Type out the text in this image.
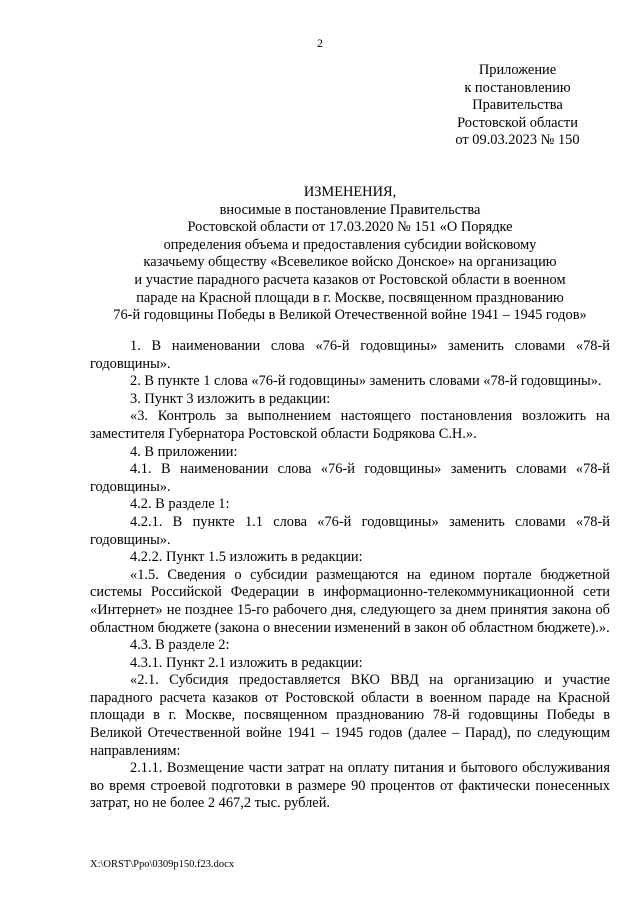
2
Приложение
к постановлению
Правительства
Ростовской области
от 09.03.2023 № 150
ИЗМЕНЕНИЯ,
вносимые в постановление Правительства
Ростовской области от 17.03.2020 № 151 «О Порядке
определения объема и предоставления субсидии войсковому
казачьему обществу «Всевеликое войско Донское» на организацию
и участие парадного расчета казаков от Ростовской области в военном
параде на Красной площади в г. Москве, посвященном празднованию
76-й годовщины Победы в Великой Отечественной войне 1941 – 1945 годов»
1. В наименовании слова «76-й годовщины» заменить словами «78-й годовщины».
2. В пункте 1 слова «76-й годовщины» заменить словами «78-й годовщины».
3. Пункт 3 изложить в редакции:
«3. Контроль за выполнением настоящего постановления возложить на заместителя Губернатора Ростовской области Бодрякова С.Н.».
4. В приложении:
4.1. В наименовании слова «76-й годовщины» заменить словами «78-й годовщины».
4.2. В разделе 1:
4.2.1. В пункте 1.1 слова «76-й годовщины» заменить словами «78-й годовщины».
4.2.2. Пункт 1.5 изложить в редакции:
«1.5. Сведения о субсидии размещаются на едином портале бюджетной системы Российской Федерации в информационно-телекоммуникационной сети «Интернет» не позднее 15-го рабочего дня, следующего за днем принятия закона об областном бюджете (закона о внесении изменений в закон об областном бюджете).».
4.3. В разделе 2:
4.3.1. Пункт 2.1 изложить в редакции:
«2.1. Субсидия предоставляется ВКО ВВД на организацию и участие парадного расчета казаков от Ростовской области в военном параде на Красной площади в г. Москве, посвященном празднованию 78-й годовщины Победы в Великой Отечественной войне 1941 – 1945 годов (далее – Парад), по следующим направлениям:
2.1.1. Возмещение части затрат на оплату питания и бытового обслуживания во время строевой подготовки в размере 90 процентов от фактически понесенных затрат, но не более 2 467,2 тыс. рублей.
X:\ORST\Ppo\0309p150.f23.docx
